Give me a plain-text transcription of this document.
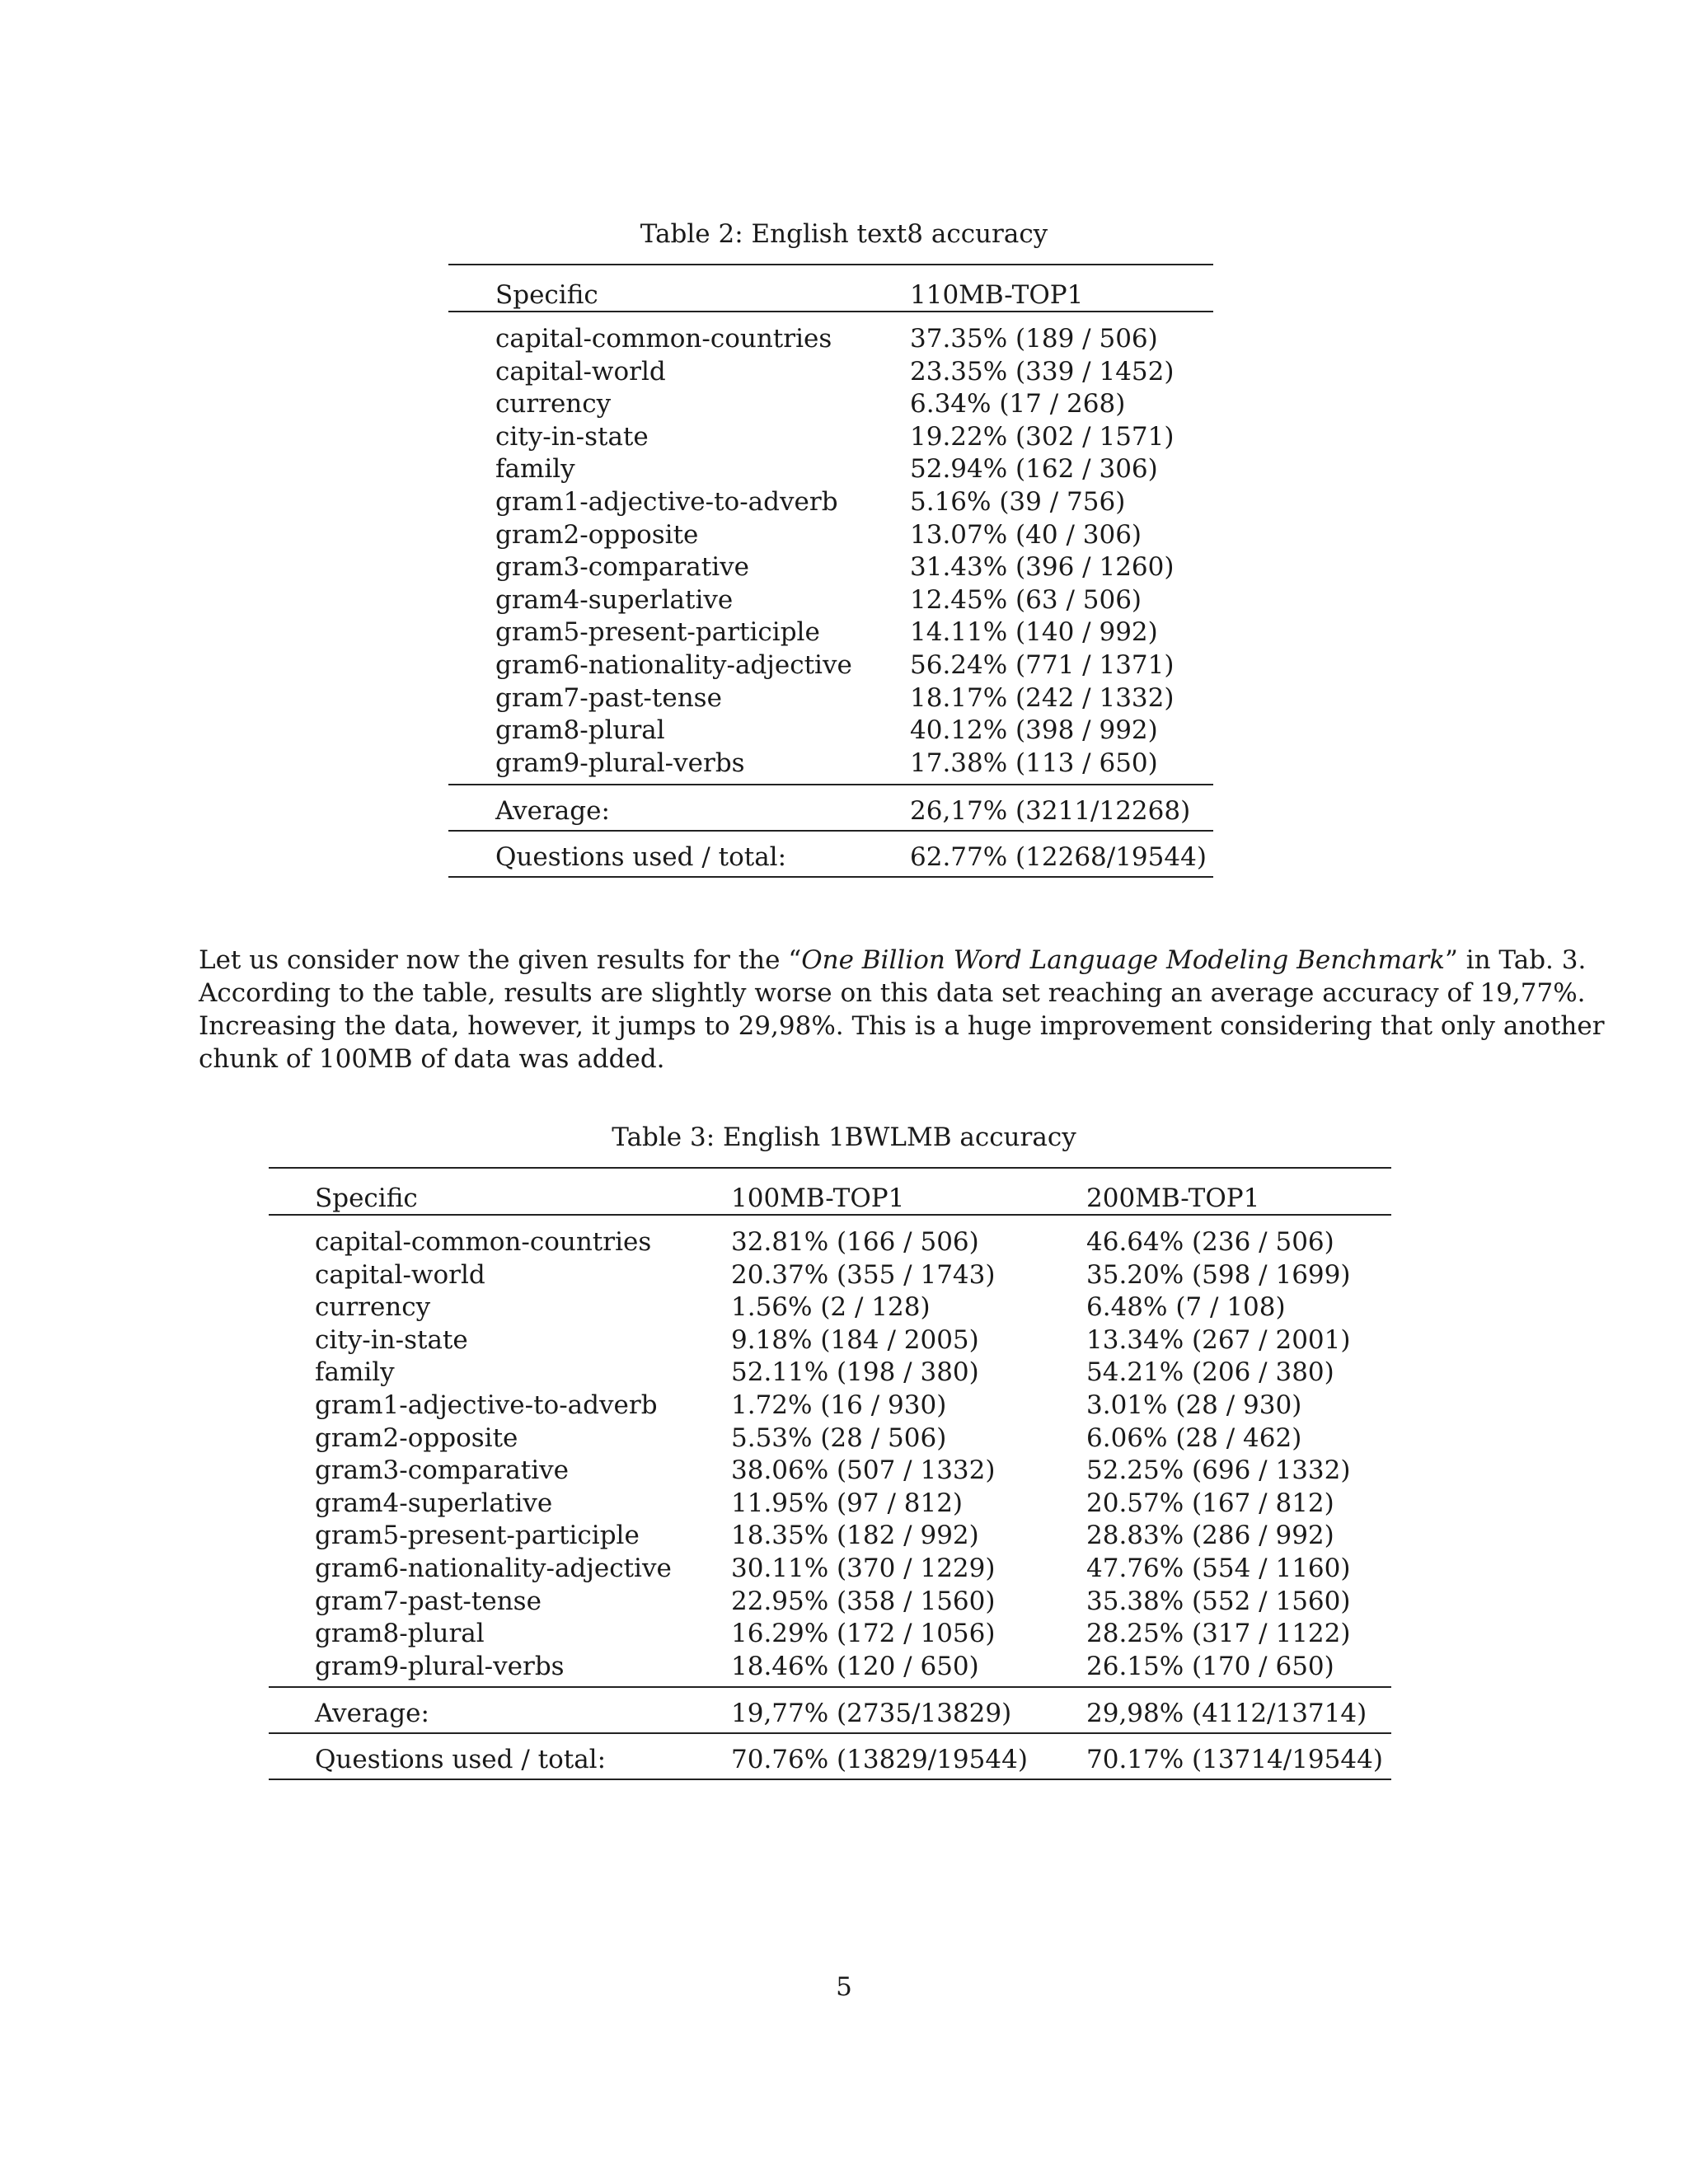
Table 2: English text8 accuracy
Specific	110MB-TOP1
capital-common-countries	37.35% (189 / 506)
capital-world	23.35% (339 / 1452)
currency	6.34% (17 / 268)
city-in-state	19.22% (302 / 1571)
family	52.94% (162 / 306)
gram1-adjective-to-adverb	5.16% (39 / 756)
gram2-opposite	13.07% (40 / 306)
gram3-comparative	31.43% (396 / 1260)
gram4-superlative	12.45% (63 / 506)
gram5-present-participle	14.11% (140 / 992)
gram6-nationality-adjective 56.24% (771 / 1371)
gram7-past-tense	18.17% (242 / 1332)
gram8-plural	40.12% (398 / 992)
gram9-plural-verbs	17.38% (113 / 650)
Average:	26,17% (3211/12268)
Questions used / total:	62.77% (12268/19544)
Let us consider now the given results for the “One Billion Word Language Modeling Benchmark” in Tab. 3.
According to the table, results are slightly worse on this data set reaching an average accuracy of 19,77%.
Increasing the data, however, it jumps to 29,98%. This is a huge improvement considering that only another
chunk of 100MB of data was added.
Table 3: English 1BWLMB accuracy
Specific	100MB-TOP1	200MB-TOP1
capital-common-countries	32.81% (166 / 506)	46.64% (236 / 506)
capital-world	20.37% (355 / 1743)	35.20% (598 / 1699)
currency	1.56% (2 / 128)	6.48% (7 / 108)
city-in-state	9.18% (184 / 2005)	13.34% (267 / 2001)
family	52.11% (198 / 380)	54.21% (206 / 380)
gram1-adjective-to-adverb	1.72% (16 / 930)	3.01% (28 / 930)
gram2-opposite	5.53% (28 / 506)	6.06% (28 / 462)
gram3-comparative	38.06% (507 / 1332)	52.25% (696 / 1332)
gram4-superlative	11.95% (97 / 812)	20.57% (167 / 812)
gram5-present-participle	18.35% (182 / 992)	28.83% (286 / 992)
gram6-nationality-adjective 30.11% (370 / 1229)	47.76% (554 / 1160)
gram7-past-tense	22.95% (358 / 1560)	35.38% (552 / 1560)
gram8-plural	16.29% (172 / 1056)	28.25% (317 / 1122)
gram9-plural-verbs	18.46% (120 / 650)	26.15% (170 / 650)
Average:	19,77% (2735/13829)	29,98% (4112/13714)
Questions used / total:	70.76% (13829/19544) 70.17% (13714/19544)
5
